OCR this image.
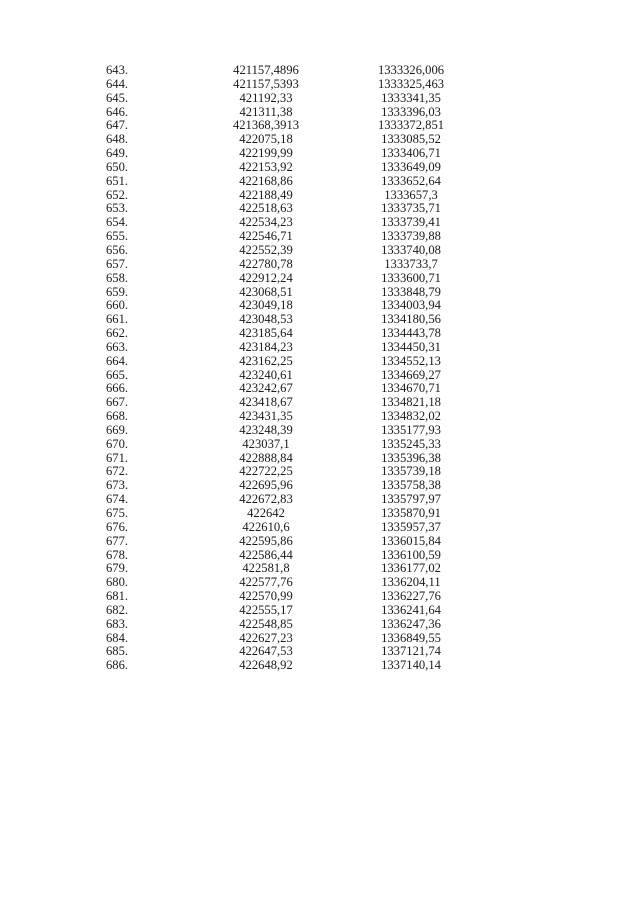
643.	421157,4896	1333326,006
644.	421157,5393	1333325,463
645.	421192,33	1333341,35
646.	421311,38	1333396,03
647.	421368,3913	1333372,851
648.	422075,18	1333085,52
649.	422199,99	1333406,71
650.	422153,92	1333649,09
651.	422168,86	1333652,64
652.	422188,49	1333657,3
653.	422518,63	1333735,71
654.	422534,23	1333739,41
655.	422546,71	1333739,88
656.	422552,39	1333740,08
657.	422780,78	1333733,7
658.	422912,24	1333600,71
659.	423068,51	1333848,79
660.	423049,18	1334003,94
661.	423048,53	1334180,56
662.	423185,64	1334443,78
663.	423184,23	1334450,31
664.	423162,25	1334552,13
665.	423240,61	1334669,27
666.	423242,67	1334670,71
667.	423418,67	1334821,18
668.	423431,35	1334832,02
669.	423248,39	1335177,93
670.	423037,1	1335245,33
671.	422888,84	1335396,38
672.	422722,25	1335739,18
673.	422695,96	1335758,38
674.	422672,83	1335797,97
675.	422642	1335870,91
676.	422610,6	1335957,37
677.	422595,86	1336015,84
678.	422586,44	1336100,59
679.	422581,8	1336177,02
680.	422577,76	1336204,11
681.	422570,99	1336227,76
682.	422555,17	1336241,64
683.	422548,85	1336247,36
684.	422627,23	1336849,55
685.	422647,53	1337121,74
686.	422648,92	1337140,14
